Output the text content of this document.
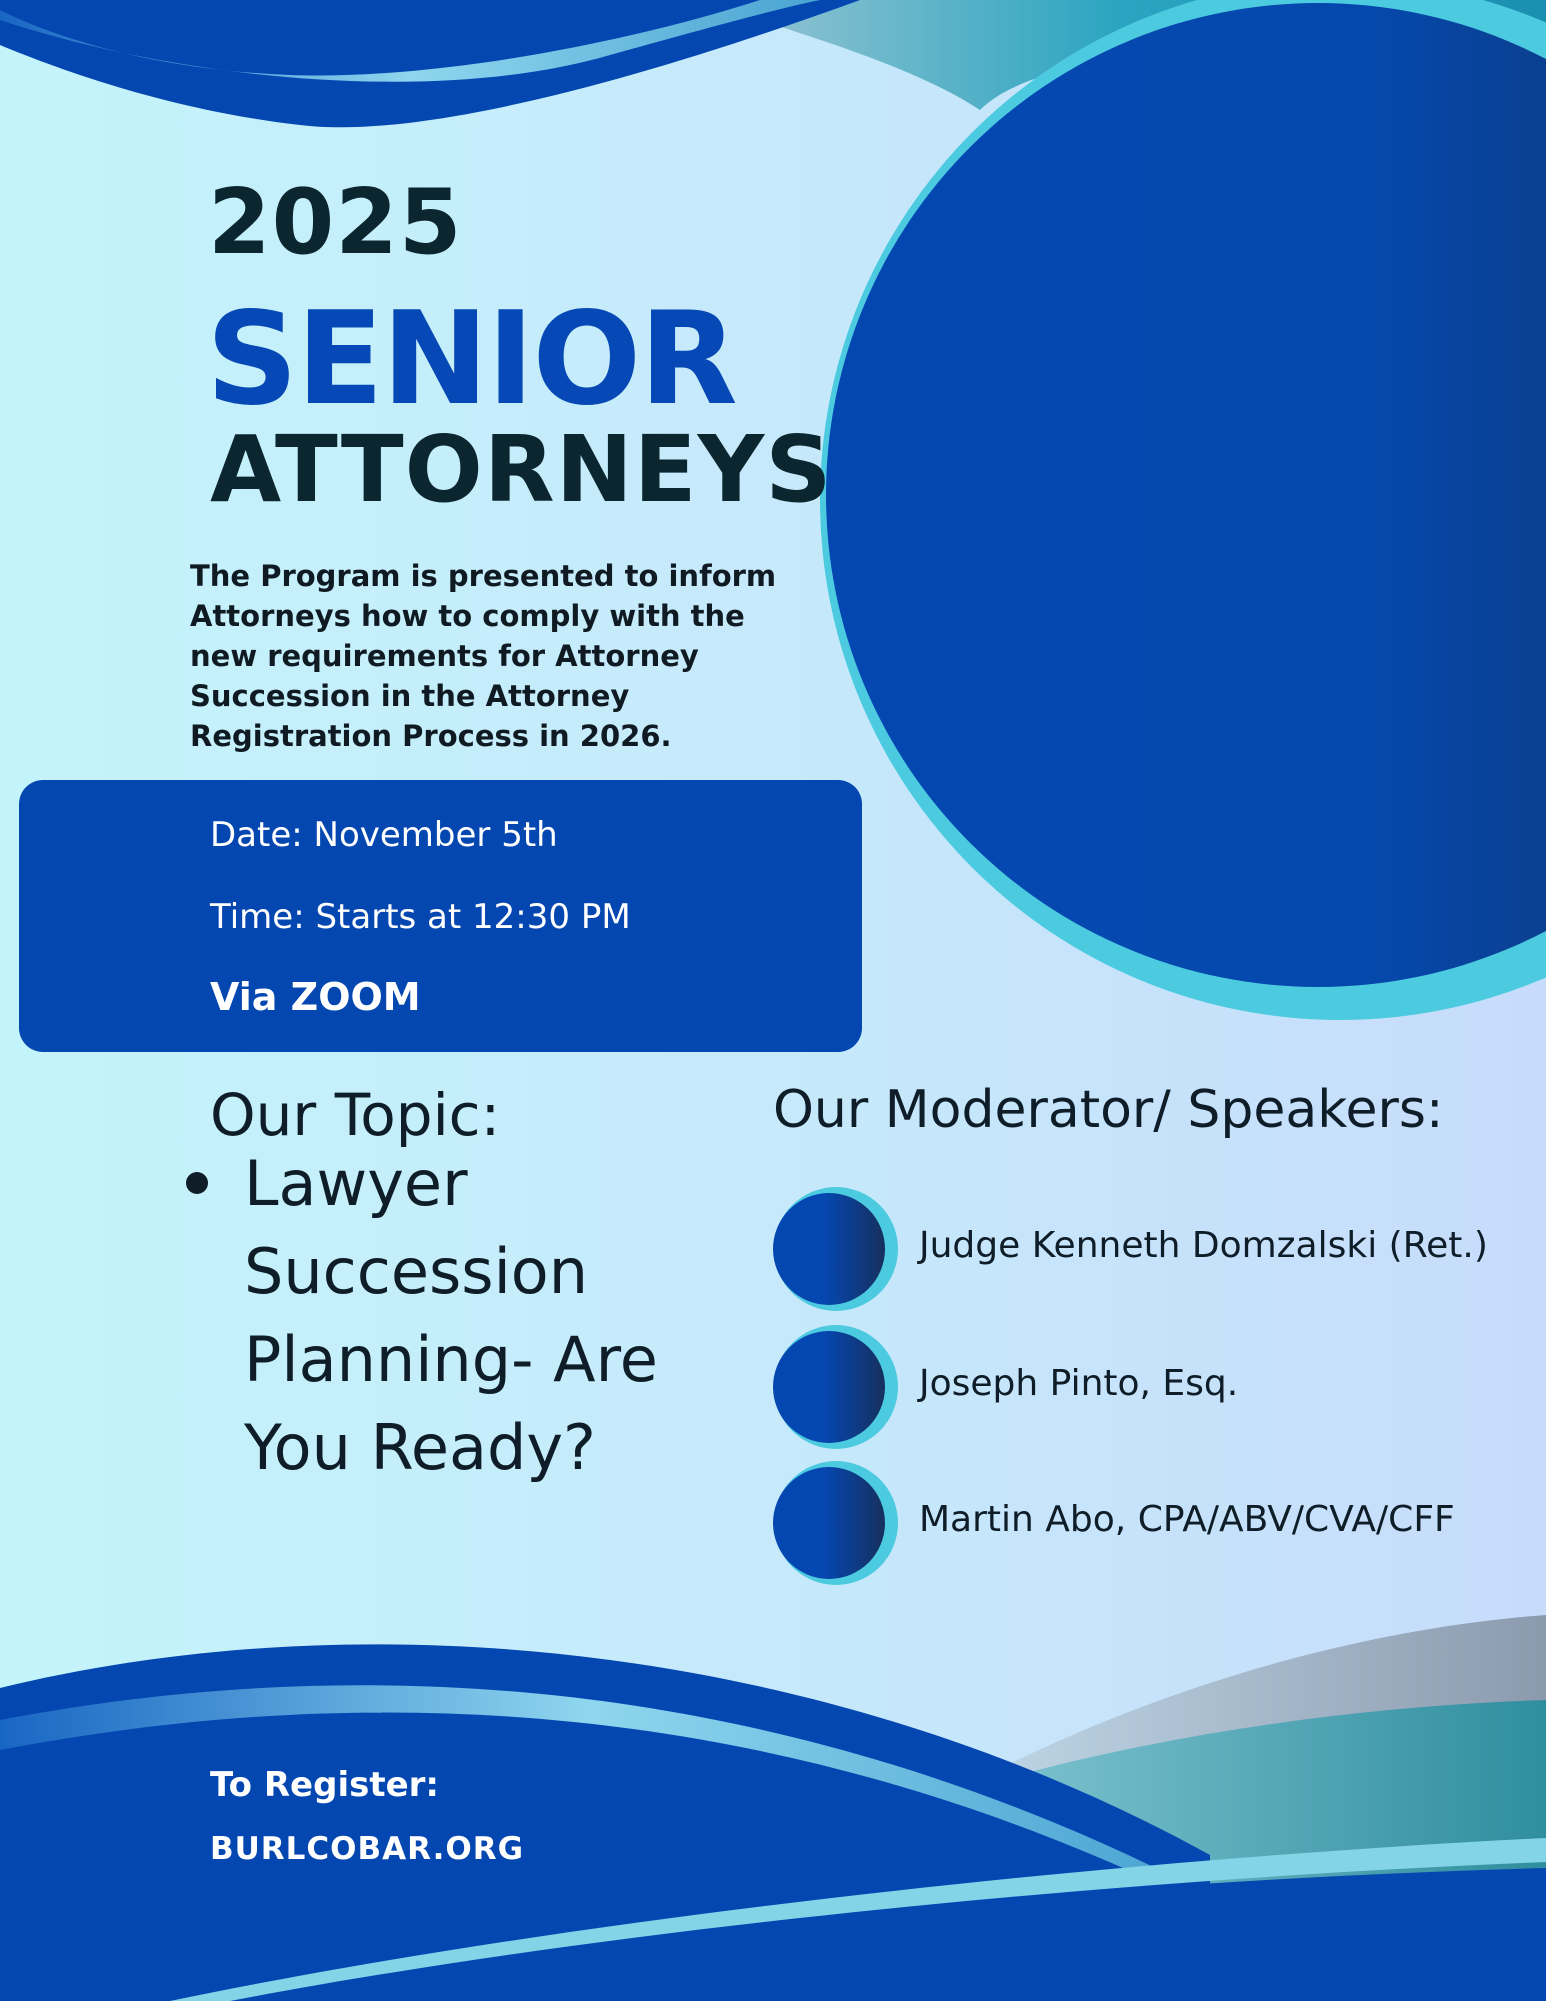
2025
SENIOR
ATTORNEYS

The Program is presented to inform Attorneys how to comply with the new requirements for Attorney Succession in the Attorney Registration Process in 2026.

Date: November 5th
Time: Starts at 12:30 PM
Via ZOOM
Our Topic:
Lawyer Succession Planning- Are You Ready?
Our Moderator/ Speakers:
Judge Kenneth Domzalski (Ret.)
Joseph Pinto, Esq.
Martin Abo, CPA/ABV/CVA/CFF
To Register:
BURLCOBAR.ORG
